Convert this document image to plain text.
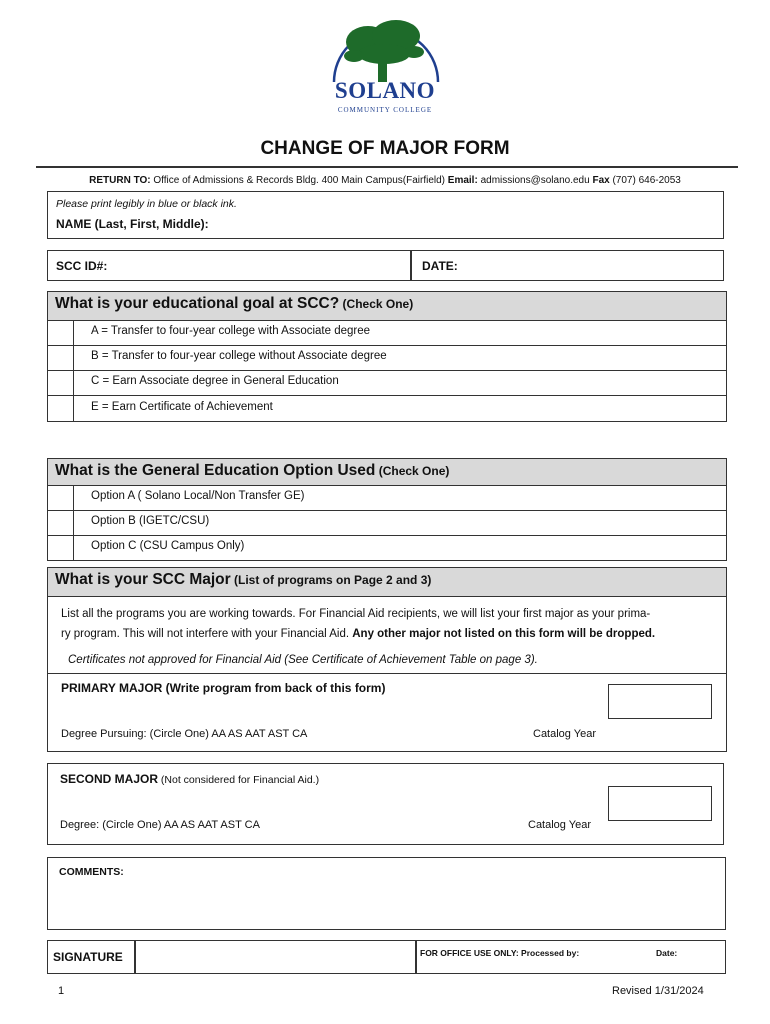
SOLANO
COMMUNITY COLLEGE
CHANGE OF MAJOR FORM
RETURN TO: Office of Admissions & Records Bldg. 400 Main Campus(Fairfield) Email: admissions@solano.edu Fax (707) 646-2053
Please print legibly in blue or black ink.
NAME (Last, First, Middle):
SCC ID#:	DATE:
What is your educational goal at SCC? (Check One)
A = Transfer to four-year college with Associate degree
B = Transfer to four-year college without Associate degree
C = Earn Associate degree in General Education
E = Earn Certificate of Achievement
What is the General Education Option Used (Check One)
Option A ( Solano Local/Non Transfer GE)
Option B (IGETC/CSU)
Option C (CSU Campus Only)
What is your SCC Major (List of programs on Page 2 and 3)
List all the programs you are working towards. For Financial Aid recipients, we will list your first major as your prima-
ry program. This will not interfere with your Financial Aid. Any other major not listed on this form will be dropped.
Certificates not approved for Financial Aid (See Certificate of Achievement Table on page 3).
PRIMARY MAJOR (Write program from back of this form)
Degree Pursuing: (Circle One) AA AS AAT AST CA	Catalog Year
SECOND MAJOR (Not considered for Financial Aid.)
Degree: (Circle One) AA AS AAT AST CA	Catalog Year
COMMENTS:
SIGNATURE	FOR OFFICE USE ONLY: Processed by:	Date:
1	Revised 1/31/2024
